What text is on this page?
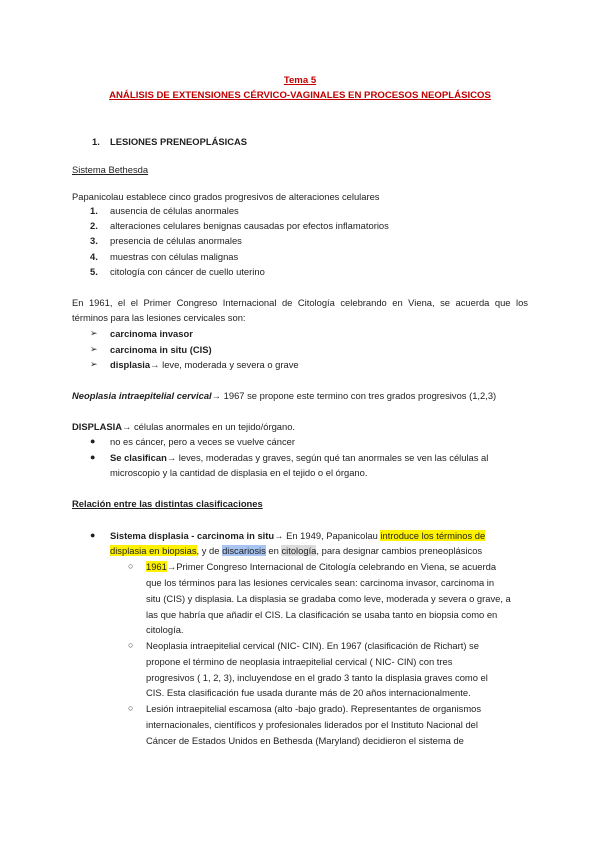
Tema 5
ANÁLISIS DE EXTENSIONES CÉRVICO-VAGINALES EN PROCESOS NEOPLÁSICOS
1. LESIONES PRENEOPLÁSICAS
Sistema Bethesda
Papanicolau establece cinco grados progresivos de alteraciones celulares
1. ausencia de células anormales
2. alteraciones celulares benignas causadas por efectos inflamatorios
3. presencia de células anormales
4. muestras con células malignas
5. citología con cáncer de cuello uterino
En 1961, el el Primer Congreso Internacional de Citología celebrando en Viena, se acuerda que los
términos para las lesiones cervicales son:
➢ carcinoma invasor
➢ carcinoma in situ (CIS)
➢ displasia→ leve, moderada y severa o grave
Neoplasia intraepitelial cervical→ 1967 se propone este termino con tres grados progresivos (1,2,3)
DISPLASIA→ células anormales en un tejido/órgano.
● no es cáncer, pero a veces se vuelve cáncer
● Se clasifican→ leves, moderadas y graves, según qué tan anormales se ven las células al
microscopio y la cantidad de displasia en el tejido o el órgano.
Relación entre las distintas clasificaciones
● Sistema displasia - carcinoma in situ→ En 1949, Papanicolau introduce los términos de
displasia en biopsias, y de discariosis en citología, para designar cambios preneoplásicos
○ 1961→Primer Congreso Internacional de Citología celebrando en Viena, se acuerda
que los términos para las lesiones cervicales sean: carcinoma invasor, carcinoma in
situ (CIS) y displasia. La displasia se gradaba como leve, moderada y severa o grave, a
las que habría que añadir el CIS. La clasificación se usaba tanto en biopsia como en
citología.
○ Neoplasia intraepitelial cervical (NIC- CIN). En 1967 (clasificación de Richart) se
propone el término de neoplasia intraepitelial cervical ( NIC- CIN) con tres
progresivos ( 1, 2, 3), incluyendose en el grado 3 tanto la displasia graves como el
CIS. Esta clasificación fue usada durante más de 20 años internacionalmente.
○ Lesión intraepitelial escamosa (alto -bajo grado). Representantes de organismos
internacionales, científicos y profesionales liderados por el Instituto Nacional del
Cáncer de Estados Unidos en Bethesda (Maryland) decidieron el sistema de
